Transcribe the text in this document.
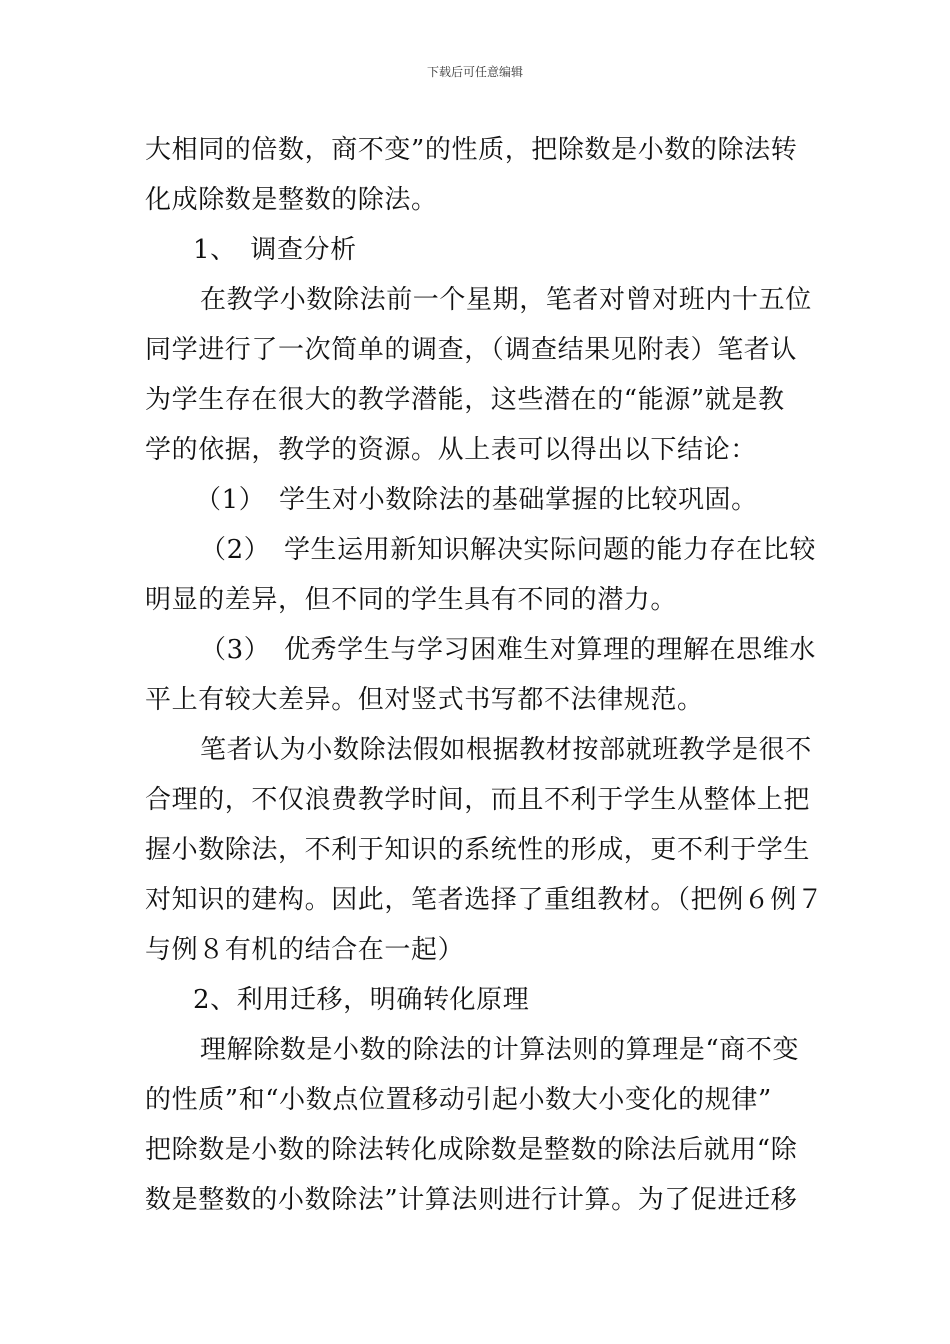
下载后可任意编辑
大相同的倍数，商不变”的性质，把除数是小数的除法转
化成除数是整数的除法。
1、　调查分析
在教学小数除法前一个星期，笔者对曾对班内十五位
同学进行了一次简单的调查，（调查结果见附表）笔者认
为学生存在很大的教学潜能，这些潜在的“能源”就是教
学的依据，教学的资源。从上表可以得出以下结论：
（1）　学生对小数除法的基础掌握的比较巩固。
（2）　学生运用新知识解决实际问题的能力存在比较
明显的差异，但不同的学生具有不同的潜力。
（3）　优秀学生与学习困难生对算理的理解在思维水
平上有较大差异。但对竖式书写都不法律规范。
笔者认为小数除法假如根据教材按部就班教学是很不
合理的，不仅浪费教学时间，而且不利于学生从整体上把
握小数除法，不利于知识的系统性的形成，更不利于学生
对知识的建构。因此，笔者选择了重组教材。（把例６例７
与例８有机的结合在一起）
2、利用迁移，明确转化原理
理解除数是小数的除法的计算法则的算理是“商不变
的性质”和“小数点位置移动引起小数大小变化的规律”
把除数是小数的除法转化成除数是整数的除法后就用“除
数是整数的小数除法”计算法则进行计算。为了促进迁移
